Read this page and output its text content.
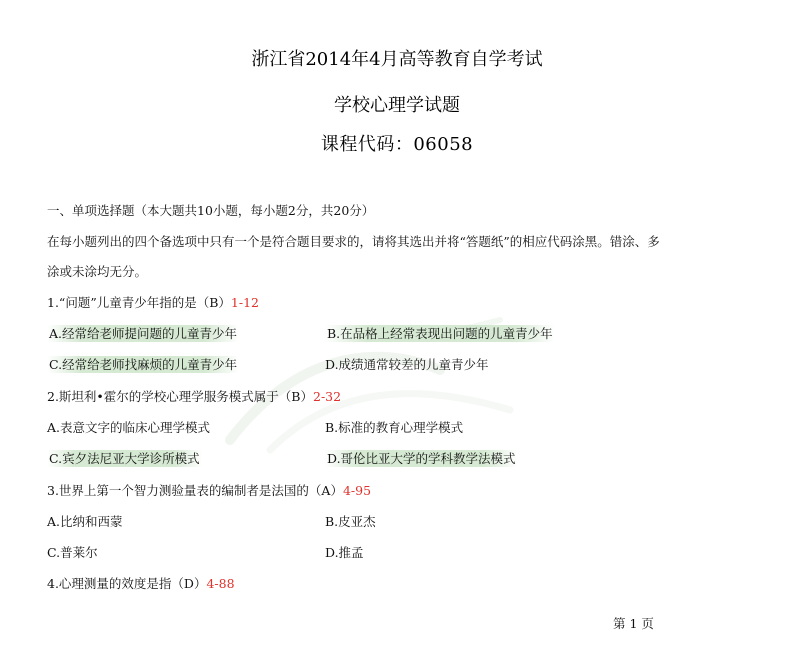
浙江省2014年4月高等教育自学考试
学校心理学试题
课程代码：06058
一、单项选择题（本大题共10小题，每小题2分，共20分）
在每小题列出的四个备选项中只有一个是符合题目要求的，请将其选出并将“答题纸”的相应代码涂黑。错涂、多
涂或未涂均无分。
1.“问题”儿童青少年指的是（B）1-12
A.经常给老师提问题的儿童青少年	B.在品格上经常表现出问题的儿童青少年
C.经常给老师找麻烦的儿童青少年	D.成绩通常较差的儿童青少年
2.斯坦利•霍尔的学校心理学服务模式属于（B）2-32
A.表意文字的临床心理学模式	B.标准的教育心理学模式
C.宾夕法尼亚大学诊所模式	D.哥伦比亚大学的学科教学法模式
3.世界上第一个智力测验量表的编制者是法国的（A）4-95
A.比纳和西蒙	B.皮亚杰
C.普莱尔	D.推孟
4.心理测量的效度是指（D）4-88
第 1 页
